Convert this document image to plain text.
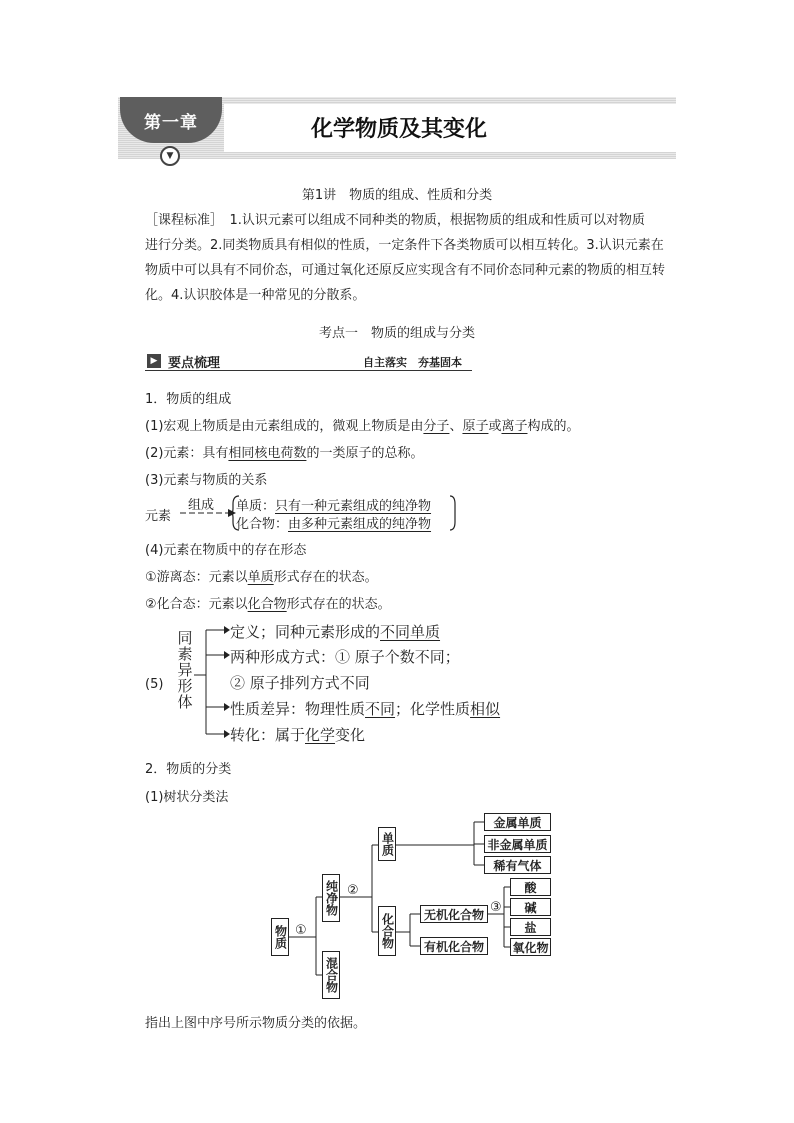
第一章
▼
化学物质及其变化
第1讲　物质的组成、性质和分类
［课程标准］　1.认识元素可以组成不同种类的物质，根据物质的组成和性质可以对物质
进行分类。2.同类物质具有相似的性质，一定条件下各类物质可以相互转化。3.认识元素在
物质中可以具有不同价态，可通过氧化还原反应实现含有不同价态同种元素的物质的相互转
化。4.认识胶体是一种常见的分散系。
考点一　物质的组成与分类
▶ 要点梳理	自主落实　夯基固本
1．物质的组成
(1)宏观上物质是由元素组成的，微观上物质是由分子、原子或离子构成的。
(2)元素：具有相同核电荷数的一类原子的总称。
(3)元素与物质的关系
元素
组成 单质：只有一种元素组成的纯净物
化合物：由多种元素组成的纯净物
(4)元素在物质中的存在形态
①游离态：元素以单质形式存在的状态。
②化合态：元素以化合物形式存在的状态。
(5)
同
素
异
形
体
定义；同种元素形成的不同单质
两种形成方式：① 原子个数不同；
② 原子排列方式不同
性质差异：物理性质不同；化学性质相似
转化：属于化学变化
2．物质的分类
(1)树状分类法
物质 ①
纯净物
混合物
②
单质
化合物
金属单质
非金属单质
稀有气体
无机化合物
有机化合物
③
酸
碱
盐
氧化物
指出上图中序号所示物质分类的依据。
